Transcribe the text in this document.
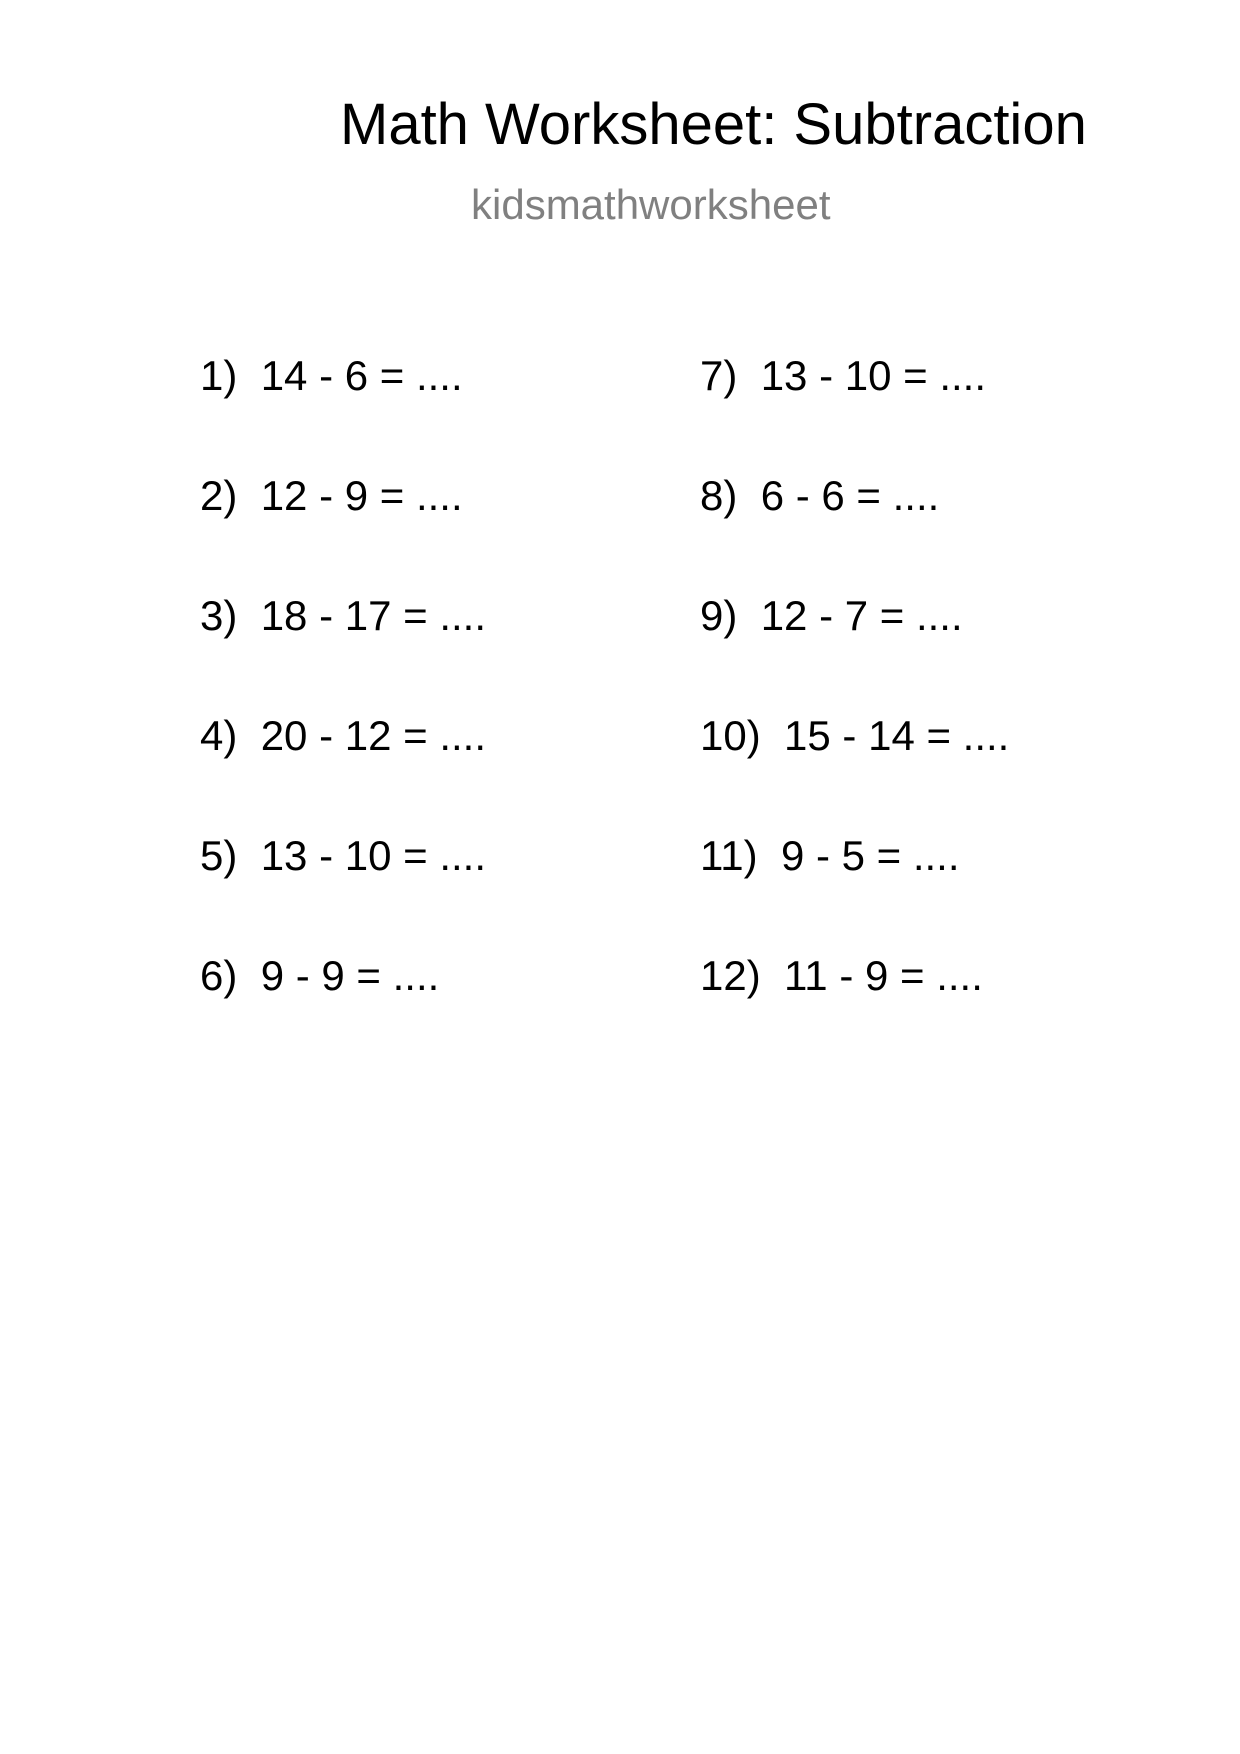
Math Worksheet: Subtraction
kidsmathworksheet
1) 14 - 6 = ....
2) 12 - 9 = ....
3) 18 - 17 = ....
4) 20 - 12 = ....
5) 13 - 10 = ....
6) 9 - 9 = ....
7) 13 - 10 = ....
8) 6 - 6 = ....
9) 12 - 7 = ....
10) 15 - 14 = ....
11) 9 - 5 = ....
12) 11 - 9 = ....
